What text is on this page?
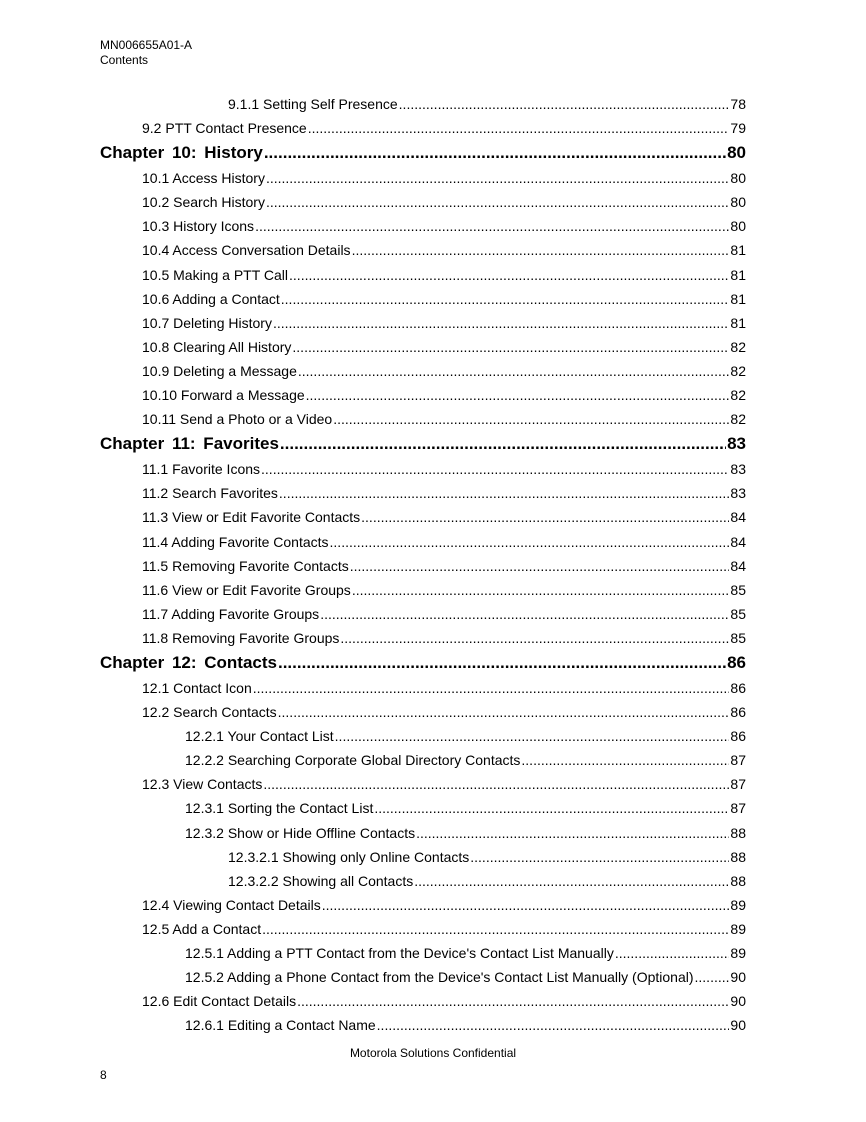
MN006655A01-A
Contents
9.1.1 Setting Self Presence .....	78
9.2 PTT Contact Presence .....	79
Chapter 10: History .....	80
10.1 Access History .....	80
10.2 Search History .....	80
10.3 History Icons .....	80
10.4 Access Conversation Details .....	81
10.5 Making a PTT Call .....	81
10.6 Adding a Contact .....	81
10.7 Deleting History .....	81
10.8 Clearing All History .....	82
10.9 Deleting a Message .....	82
10.10 Forward a Message .....	82
10.11 Send a Photo or a Video .....	82
Chapter 11: Favorites .....	83
11.1 Favorite Icons .....	83
11.2 Search Favorites .....	83
11.3 View or Edit Favorite Contacts .....	84
11.4 Adding Favorite Contacts .....	84
11.5 Removing Favorite Contacts .....	84
11.6 View or Edit Favorite Groups .....	85
11.7 Adding Favorite Groups .....	85
11.8 Removing Favorite Groups .....	85
Chapter 12: Contacts .....	86
12.1 Contact Icon .....	86
12.2 Search Contacts .....	86
12.2.1 Your Contact List .....	86
12.2.2 Searching Corporate Global Directory Contacts .....	87
12.3 View Contacts .....	87
12.3.1 Sorting the Contact List .....	87
12.3.2 Show or Hide Offline Contacts .....	88
12.3.2.1 Showing only Online Contacts .....	88
12.3.2.2 Showing all Contacts .....	88
12.4 Viewing Contact Details .....	89
12.5 Add a Contact .....	89
12.5.1 Adding a PTT Contact from the Device's Contact List Manually .....	89
12.5.2 Adding a Phone Contact from the Device's Contact List Manually (Optional) .....	90
12.6 Edit Contact Details .....	90
12.6.1 Editing a Contact Name .....	90
Motorola Solutions Confidential
8
